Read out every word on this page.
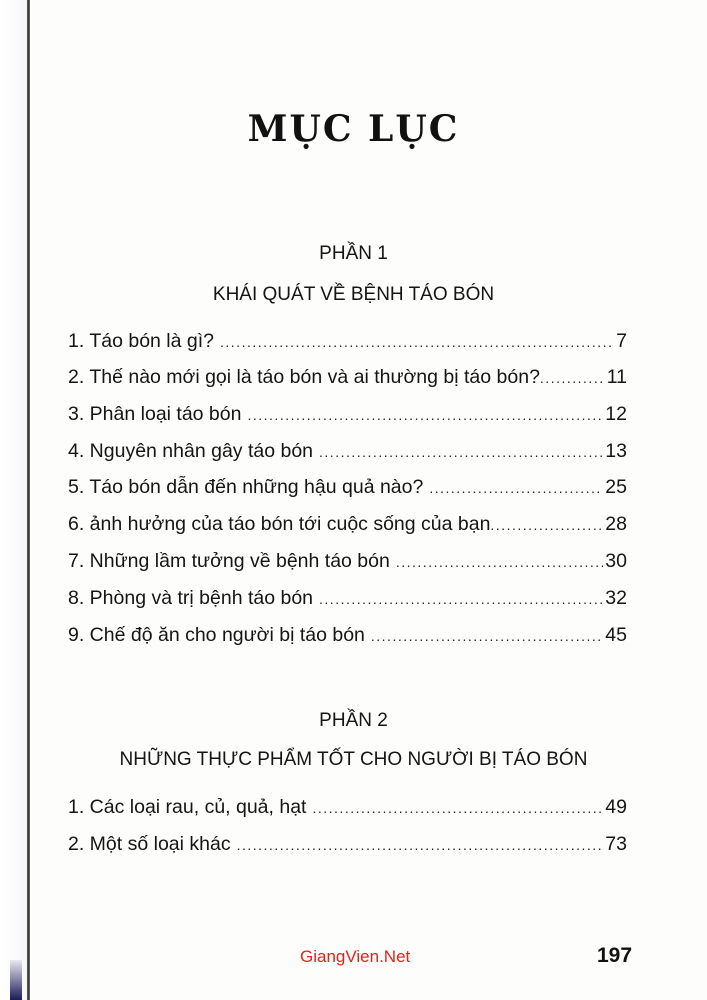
MỤC LỤC
PHẦN 1
KHÁI QUÁT VỀ BỆNH TÁO BÓN
1. Táo bón là gì? .....	7
2. Thế nào mới gọi là táo bón và ai thường bị táo bón? .....	11
3. Phân loại táo bón .....	12
4. Nguyên nhân gây táo bón .....	13
5. Táo bón dẫn đến những hậu quả nào? .....	25
6. ảnh hưởng của táo bón tới cuộc sống của bạn .....	28
7. Những lầm tưởng về bệnh táo bón .....	30
8. Phòng và trị bệnh táo bón .....	32
9. Chế độ ăn cho người bị táo bón .....	45
PHẦN 2
NHỮNG THỰC PHẨM TỐT CHO NGƯỜI BỊ TÁO BÓN
1. Các loại rau, củ, quả, hạt .....	49
2. Một số loại khác .....	73
GiangVien.Net	197
